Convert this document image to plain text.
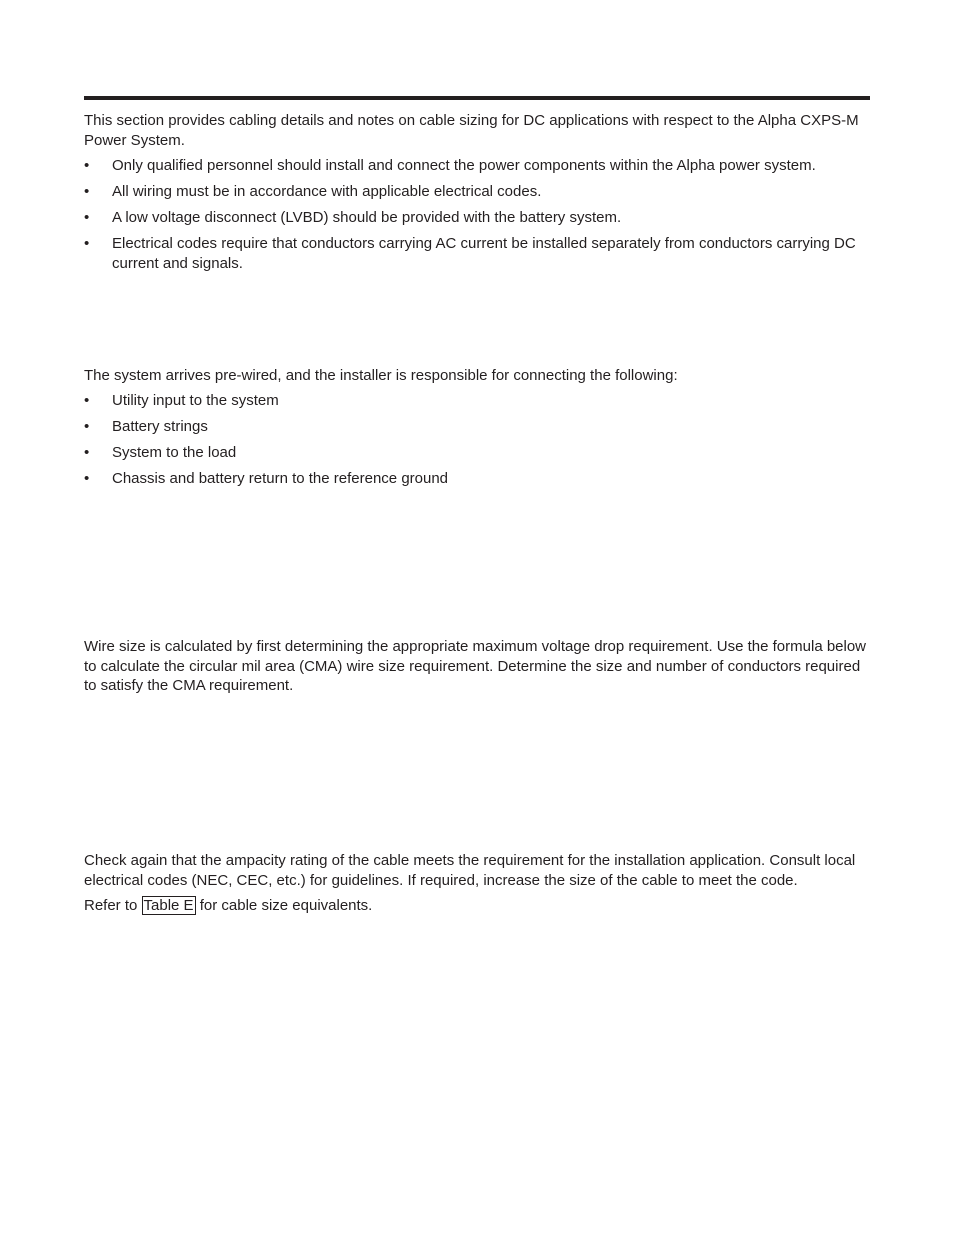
This section provides cabling details and notes on cable sizing for DC applications with respect to the Alpha CXPS-M Power System.

• Only qualified personnel should install and connect the power components within the Alpha power system.
• All wiring must be in accordance with applicable electrical codes.
• A low voltage disconnect (LVBD) should be provided with the battery system.
• Electrical codes require that conductors carrying AC current be installed separately from conductors carrying DC current and signals.

The system arrives pre-wired, and the installer is responsible for connecting the following:

• Utility input to the system
• Battery strings
• System to the load
• Chassis and battery return to the reference ground

Wire size is calculated by first determining the appropriate maximum voltage drop requirement. Use the formula below to calculate the circular mil area (CMA) wire size requirement. Determine the size and number of conductors required to satisfy the CMA requirement.

Check again that the ampacity rating of the cable meets the requirement for the installation application. Consult local electrical codes (NEC, CEC, etc.) for guidelines. If required, increase the size of the cable to meet the code.

Refer to Table E for cable size equivalents.
